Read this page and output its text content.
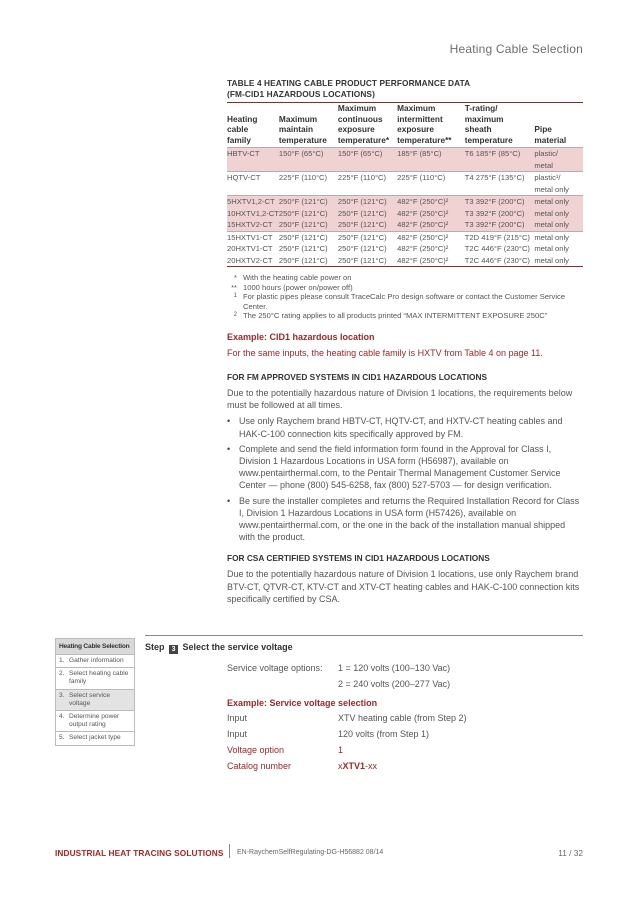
Heating Cable Selection
TABLE 4 HEATING CABLE PRODUCT PERFORMANCE DATA
(FM-CID1 HAZARDOUS LOCATIONS)
Heating
cable
family	Maximum
maintain
temperature	Maximum
continuous
exposure
temperature*	Maximum
intermittent
exposure
temperature**	T-rating/
maximum
sheath
temperature	Pipe
material
HBTV-CT	150°F (65°C)	150°F (65°C)	185°F (85°C)	T6 185°F (85°C)	plastic/
metal
HQTV-CT	225°F (110°C)	225°F (110°C)	225°F (110°C)	T4 275°F (135°C)	plastic¹/
metal only
5HXTV1,2-CT	250°F (121°C)	250°F (121°C)	482°F (250°C)²	T3 392°F (200°C)	metal only
10HXTV1,2-CT	250°F (121°C)	250°F (121°C)	482°F (250°C)²	T3 392°F (200°C)	metal only
15HXTV2-CT	250°F (121°C)	250°F (121°C)	482°F (250°C)²	T3 392°F (200°C)	metal only
15HXTV1-CT	250°F (121°C)	250°F (121°C)	482°F (250°C)²	T2D 419°F (215°C)	metal only
20HXTV1-CT	250°F (121°C)	250°F (121°C)	482°F (250°C)²	T2C 446°F (230°C)	metal only
20HXTV2-CT	250°F (121°C)	250°F (121°C)	482°F (250°C)²	T2C 446°F (230°C)	metal only
* With the heating cable power on
** 1000 hours (power on/power off)
1 For plastic pipes please consult TraceCalc Pro design software or contact the Customer Service Center.
2 The 250°C rating applies to all products printed “MAX INTERMITTENT EXPOSURE 250C”
Example: CID1 hazardous location
For the same inputs, the heating cable family is HXTV from Table 4 on page 11.
FOR FM APPROVED SYSTEMS IN CID1 HAZARDOUS LOCATIONS
Due to the potentially hazardous nature of Division 1 locations, the requirements below must be followed at all times.
• Use only Raychem brand HBTV-CT, HQTV-CT, and HXTV-CT heating cables and HAK-C-100 connection kits specifically approved by FM.
• Complete and send the field information form found in the Approval for Class I, Division 1 Hazardous Locations in USA form (H56987), available on www.pentairthermal.com, to the Pentair Thermal Management Customer Service Center — phone (800) 545-6258, fax (800) 527-5703 — for design verification.
• Be sure the installer completes and returns the Required Installation Record for Class I, Division 1 Hazardous Locations in USA form (H57426), available on www.pentairthermal.com, or the one in the back of the installation manual shipped with the product.
FOR CSA CERTIFIED SYSTEMS IN CID1 HAZARDOUS LOCATIONS
Due to the potentially hazardous nature of Division 1 locations, use only Raychem brand BTV-CT, QTVR-CT, KTV-CT and XTV-CT heating cables and HAK-C-100 connection kits specifically certified by CSA.
Heating Cable Selection
1. Gather information
2. Select heating cable family
3. Select service voltage
4. Determine power output rating
5. Select jacket type
Step 3 Select the service voltage
Service voltage options:	1 = 120 volts (100–130 Vac)
2 = 240 volts (200–277 Vac)
Example: Service voltage selection
Input	XTV heating cable (from Step 2)
Input	120 volts (from Step 1)
Voltage option	1
Catalog number	xXTV1-xx
INDUSTRIAL HEAT TRACING SOLUTIONS EN-RaychemSelfRegulating-DG-H56882 08/14	11 / 32
